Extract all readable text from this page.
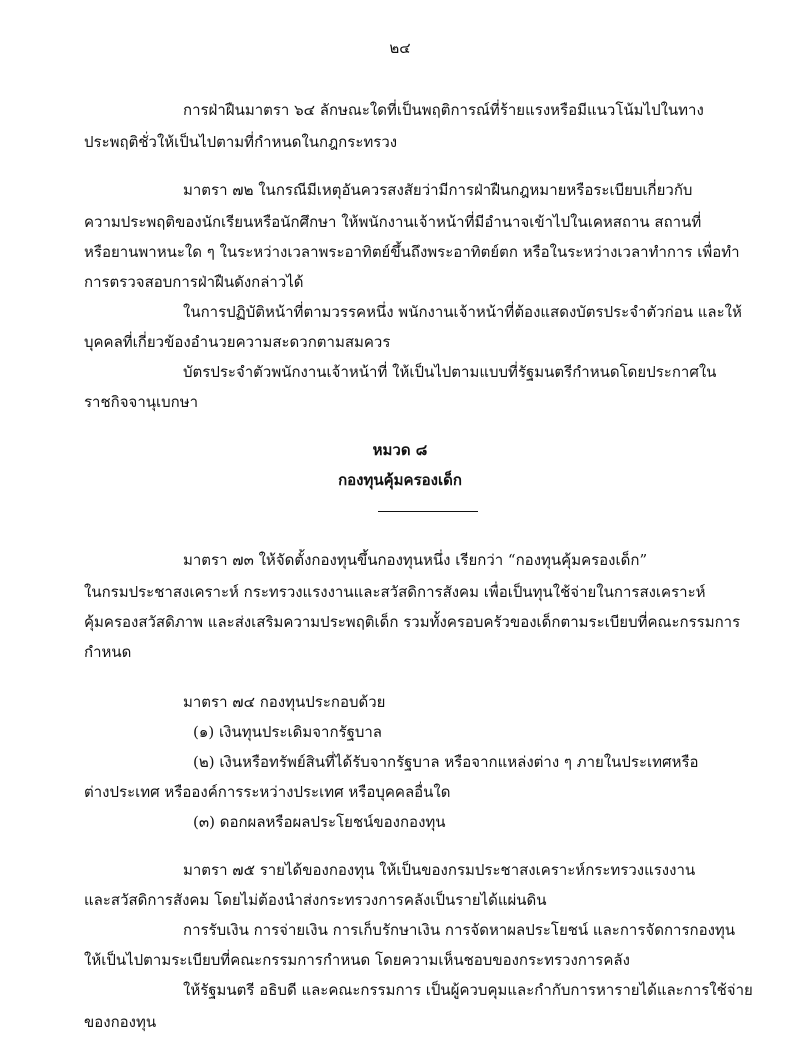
๒๔
การฝ่าฝืนมาตรา ๖๔ ลักษณะใดที่เป็นพฤติการณ์ที่ร้ายแรงหรือมีแนวโน้มไปในทาง
ประพฤติชั่วให้เป็นไปตามที่กำหนดในกฎกระทรวง
มาตรา ๗๒ ในกรณีมีเหตุอันควรสงสัยว่ามีการฝ่าฝืนกฎหมายหรือระเบียบเกี่ยวกับ
ความประพฤติของนักเรียนหรือนักศึกษา ให้พนักงานเจ้าหน้าที่มีอำนาจเข้าไปในเคหสถาน สถานที่
หรือยานพาหนะใด ๆ ในระหว่างเวลาพระอาทิตย์ขึ้นถึงพระอาทิตย์ตก หรือในระหว่างเวลาทำการ เพื่อทำ
การตรวจสอบการฝ่าฝืนดังกล่าวได้
ในการปฏิบัติหน้าที่ตามวรรคหนึ่ง พนักงานเจ้าหน้าที่ต้องแสดงบัตรประจำตัวก่อน และให้
บุคคลที่เกี่ยวข้องอำนวยความสะดวกตามสมควร
บัตรประจำตัวพนักงานเจ้าหน้าที่ ให้เป็นไปตามแบบที่รัฐมนตรีกำหนดโดยประกาศใน
ราชกิจจานุเบกษา
หมวด ๘
กองทุนคุ้มครองเด็ก
มาตรา ๗๓ ให้จัดตั้งกองทุนขึ้นกองทุนหนึ่ง เรียกว่า “กองทุนคุ้มครองเด็ก”
ในกรมประชาสงเคราะห์ กระทรวงแรงงานและสวัสดิการสังคม เพื่อเป็นทุนใช้จ่ายในการสงเคราะห์
คุ้มครองสวัสดิภาพ และส่งเสริมความประพฤติเด็ก รวมทั้งครอบครัวของเด็กตามระเบียบที่คณะกรรมการ
กำหนด
มาตรา ๗๔ กองทุนประกอบด้วย
(๑) เงินทุนประเดิมจากรัฐบาล
(๒) เงินหรือทรัพย์สินที่ได้รับจากรัฐบาล หรือจากแหล่งต่าง ๆ ภายในประเทศหรือ
ต่างประเทศ หรือองค์การระหว่างประเทศ หรือบุคคลอื่นใด
(๓) ดอกผลหรือผลประโยชน์ของกองทุน
มาตรา ๗๕ รายได้ของกองทุน ให้เป็นของกรมประชาสงเคราะห์กระทรวงแรงงาน
และสวัสดิการสังคม โดยไม่ต้องนำส่งกระทรวงการคลังเป็นรายได้แผ่นดิน
การรับเงิน การจ่ายเงิน การเก็บรักษาเงิน การจัดหาผลประโยชน์ และการจัดการกองทุน
ให้เป็นไปตามระเบียบที่คณะกรรมการกำหนด โดยความเห็นชอบของกระทรวงการคลัง
ให้รัฐมนตรี อธิบดี และคณะกรรมการ เป็นผู้ควบคุมและกำกับการหารายได้และการใช้จ่าย
ของกองทุน
